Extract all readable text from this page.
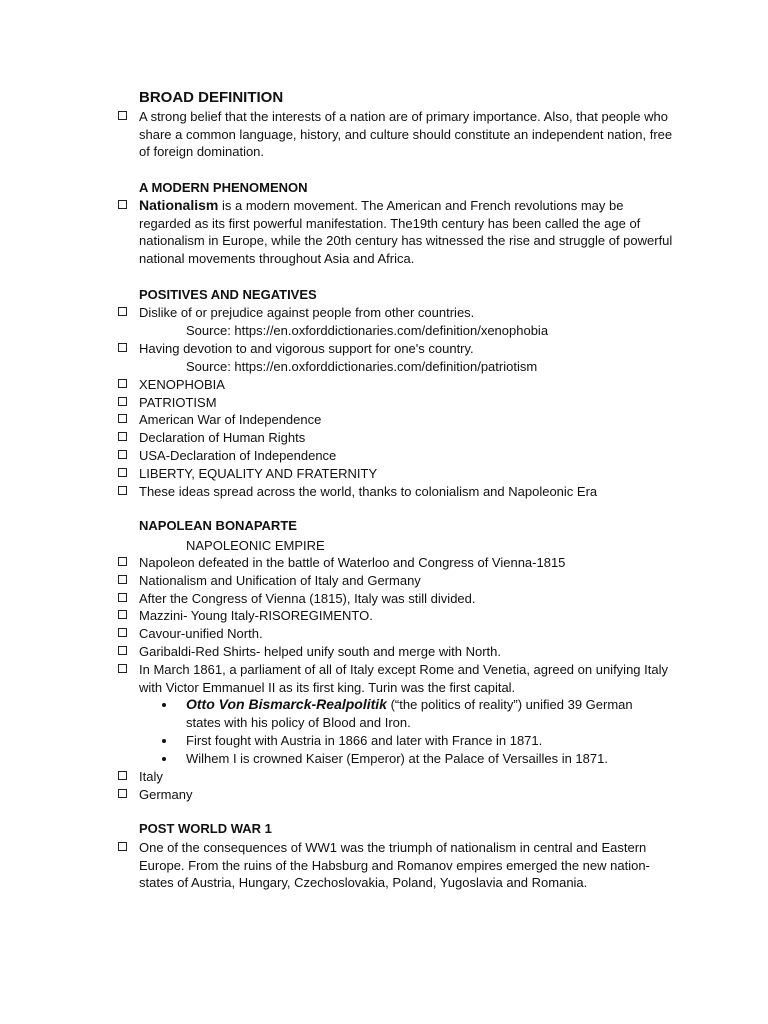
BROAD DEFINITION
A strong belief that the interests of a nation are of primary importance. Also, that people who share a common language, history, and culture should constitute an independent nation, free of foreign domination.
A MODERN PHENOMENON
Nationalism is a modern movement. The American and French revolutions may be regarded as its first powerful manifestation. The19th century has been called the age of nationalism in Europe, while the 20th century has witnessed the rise and struggle of powerful national movements throughout Asia and Africa.
POSITIVES AND NEGATIVES
Dislike of or prejudice against people from other countries.
Source: https://en.oxforddictionaries.com/definition/xenophobia
Having devotion to and vigorous support for one's country.
Source: https://en.oxforddictionaries.com/definition/patriotism
XENOPHOBIA
PATRIOTISM
American War of Independence
Declaration of Human Rights
USA-Declaration of Independence
LIBERTY, EQUALITY AND FRATERNITY
These ideas spread across the world, thanks to colonialism and Napoleonic Era
NAPOLEAN BONAPARTE
NAPOLEONIC EMPIRE
Napoleon defeated in the battle of Waterloo and Congress of Vienna-1815
Nationalism and Unification of Italy and Germany
After the Congress of Vienna (1815), Italy was still divided.
Mazzini- Young Italy-RISOREGIMENTO.
Cavour-unified North.
Garibaldi-Red Shirts- helped unify south and merge with North.
In March 1861, a parliament of all of Italy except Rome and Venetia, agreed on unifying Italy with Victor Emmanuel II as its first king. Turin was the first capital.
Otto Von Bismarck-Realpolitik (“the politics of reality”) unified 39 German states with his policy of Blood and Iron.
First fought with Austria in 1866 and later with France in 1871.
Wilhem I is crowned Kaiser (Emperor) at the Palace of Versailles in 1871.
Italy
Germany
POST WORLD WAR 1
One of the consequences of WW1 was the triumph of nationalism in central and Eastern Europe. From the ruins of the Habsburg and Romanov empires emerged the new nation-states of Austria, Hungary, Czechoslovakia, Poland, Yugoslavia and Romania.
